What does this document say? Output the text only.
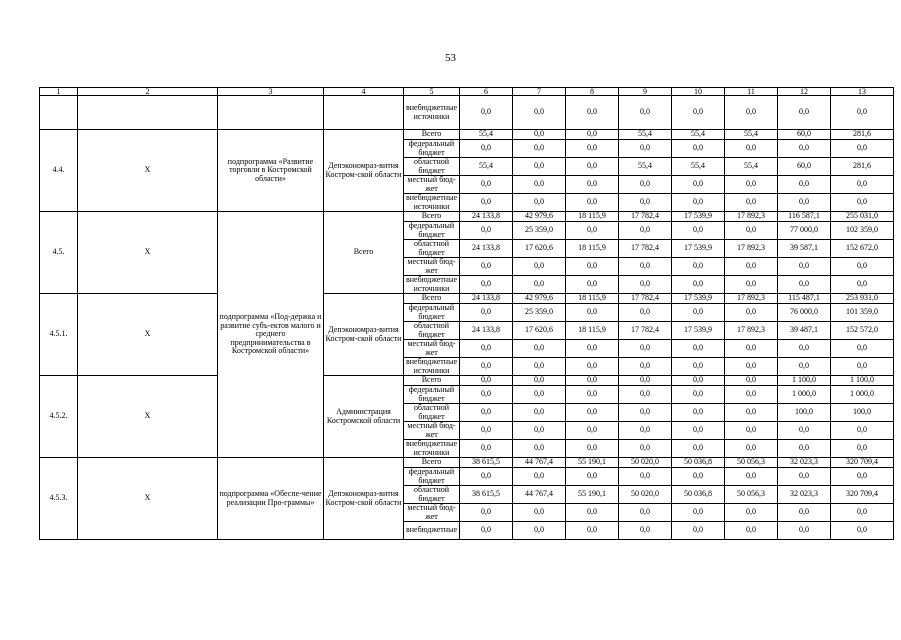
53
1	2	3	4	5	6	7	8	9	10	11	12	13
				внебюджетные источники	0,0	0,0	0,0	0,0	0,0	0,0	0,0	0,0
4.4.	X	подпрограмма «Развитие торговли в Костромской области»	Депэкономраз-вития Костром-ской области	Всего	55,4	0,0	0,0	55,4	55,4	55,4	60,0	281,6
				федеральный бюджет	0,0	0,0	0,0	0,0	0,0	0,0	0,0	0,0
				областной бюджет	55,4	0,0	0,0	55,4	55,4	55,4	60,0	281,6
				местный бюд-жет	0,0	0,0	0,0	0,0	0,0	0,0	0,0	0,0
				внебюджетные источники	0,0	0,0	0,0	0,0	0,0	0,0	0,0	0,0
4.5.	X	подпрограмма «Под-держка и развитие субъ-ектов малого и среднего предпринимательства в Костромской области»	Всего	Всего	24 133,8	42 979,6	18 115,9	17 782,4	17 539,9	17 892,3	116 587,1	255 031,0
				федеральный бюджет	0,0	25 359,0	0,0	0,0	0,0	0,0	77 000,0	102 359,0
				областной бюджет	24 133,8	17 620,6	18 115,9	17 782,4	17 539,9	17 892,3	39 587,1	152 672,0
				местный бюд-жет	0,0	0,0	0,0	0,0	0,0	0,0	0,0	0,0
				внебюджетные источники	0,0	0,0	0,0	0,0	0,0	0,0	0,0	0,0
4.5.1.	X		Депэкономраз-вития Костром-ской области	Всего	24 133,8	42 979,6	18 115,9	17 782,4	17 539,9	17 892,3	115 487,1	253 931,0
				федеральный бюджет	0,0	25 359,0	0,0	0,0	0,0	0,0	76 000,0	101 359,0
				областной бюджет	24 133,8	17 620,6	18 115,9	17 782,4	17 539,9	17 892,3	39 487,1	152 572,0
				местный бюд-жет	0,0	0,0	0,0	0,0	0,0	0,0	0,0	0,0
				внебюджетные источники	0,0	0,0	0,0	0,0	0,0	0,0	0,0	0,0
4.5.2.	X		Администрация Костромской области	Всего	0,0	0,0	0,0	0,0	0,0	0,0	1 100,0	1 100,0
				федеральный бюджет	0,0	0,0	0,0	0,0	0,0	0,0	1 000,0	1 000,0
				областной бюджет	0,0	0,0	0,0	0,0	0,0	0,0	100,0	100,0
				местный бюд-жет	0,0	0,0	0,0	0,0	0,0	0,0	0,0	0,0
				внебюджетные источники	0,0	0,0	0,0	0,0	0,0	0,0	0,0	0,0
4.5.3.	X	подпрограмма «Обеспе-чение реализации Про-граммы»	Депэкономраз-вития Костром-ской области	Всего	38 615,5	44 767,4	55 190,1	50 020,0	50 036,8	50 056,3	32 023,3	320 709,4
				федеральный бюджет	0,0	0,0	0,0	0,0	0,0	0,0	0,0	0,0
				областной бюджет	38 615,5	44 767,4	55 190,1	50 020,0	50 036,8	50 056,3	32 023,3	320 709,4
				местный бюд-жет	0,0	0,0	0,0	0,0	0,0	0,0	0,0	0,0
				внебюджетные	0,0	0,0	0,0	0,0	0,0	0,0	0,0	0,0
